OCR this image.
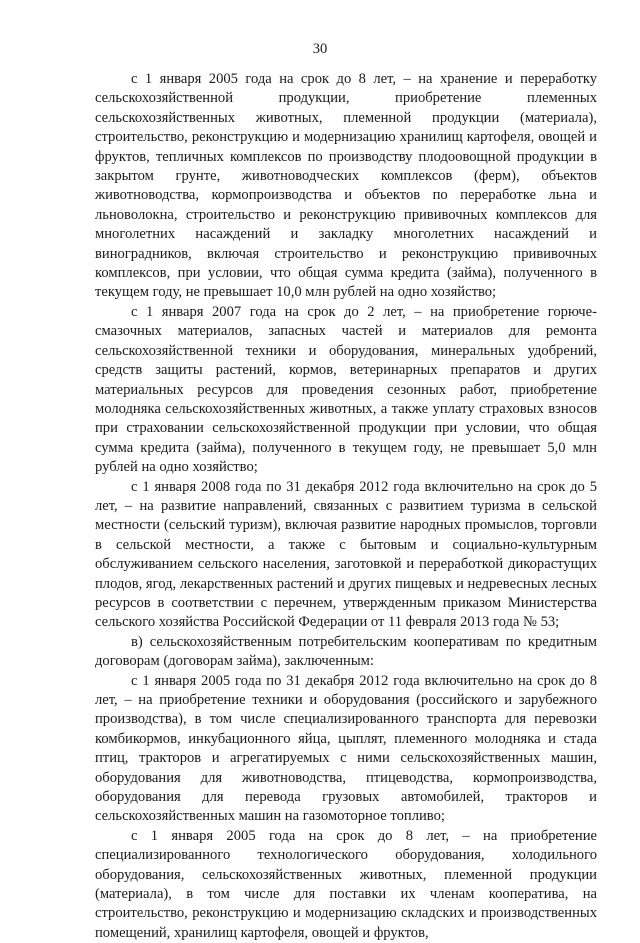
30

с 1 января 2005 года на срок до 8 лет, – на хранение и переработку сельскохозяйственной продукции, приобретение племенных сельскохозяйственных животных, племенной продукции (материала), строительство, реконструкцию и модернизацию хранилищ картофеля, овощей и фруктов, тепличных комплексов по производству плодоовощной продукции в закрытом грунте, животноводческих комплексов (ферм), объектов животноводства, кормопроизводства и объектов по переработке льна и льноволокна, строительство и реконструкцию прививочных комплексов для многолетних насаждений и закладку многолетних насаждений и виноградников, включая строительство и реконструкцию прививочных комплексов, при условии, что общая сумма кредита (займа), полученного в текущем году, не превышает 10,0 млн рублей на одно хозяйство;

с 1 января 2007 года на срок до 2 лет, – на приобретение горюче-смазочных материалов, запасных частей и материалов для ремонта сельскохозяйственной техники и оборудования, минеральных удобрений, средств защиты растений, кормов, ветеринарных препаратов и других материальных ресурсов для проведения сезонных работ, приобретение молодняка сельскохозяйственных животных, а также уплату страховых взносов при страховании сельскохозяйственной продукции при условии, что общая сумма кредита (займа), полученного в текущем году, не превышает 5,0 млн рублей на одно хозяйство;

с 1 января 2008 года по 31 декабря 2012 года включительно на срок до 5 лет, – на развитие направлений, связанных с развитием туризма в сельской местности (сельский туризм), включая развитие народных промыслов, торговли в сельской местности, а также с бытовым и социально-культурным обслуживанием сельского населения, заготовкой и переработкой дикорастущих плодов, ягод, лекарственных растений и других пищевых и недревесных лесных ресурсов в соответствии с перечнем, утвержденным приказом Министерства сельского хозяйства Российской Федерации от 11 февраля 2013 года № 53;

в) сельскохозяйственным потребительским кооперативам по кредитным договорам (договорам займа), заключенным:

с 1 января 2005 года по 31 декабря 2012 года включительно на срок до 8 лет, – на приобретение техники и оборудования (российского и зарубежного производства), в том числе специализированного транспорта для перевозки комбикормов, инкубационного яйца, цыплят, племенного молодняка и стада птиц, тракторов и агрегатируемых с ними сельскохозяйственных машин, оборудования для животноводства, птицеводства, кормопроизводства, оборудования для перевода грузовых автомобилей, тракторов и сельскохозяйственных машин на газомоторное топливо;

с 1 января 2005 года на срок до 8 лет, – на приобретение специализированного технологического оборудования, холодильного оборудования, сельскохозяйственных животных, племенной продукции (материала), в том числе для поставки их членам кооператива, на строительство, реконструкцию и модернизацию складских и производственных помещений, хранилищ картофеля, овощей и фруктов,
